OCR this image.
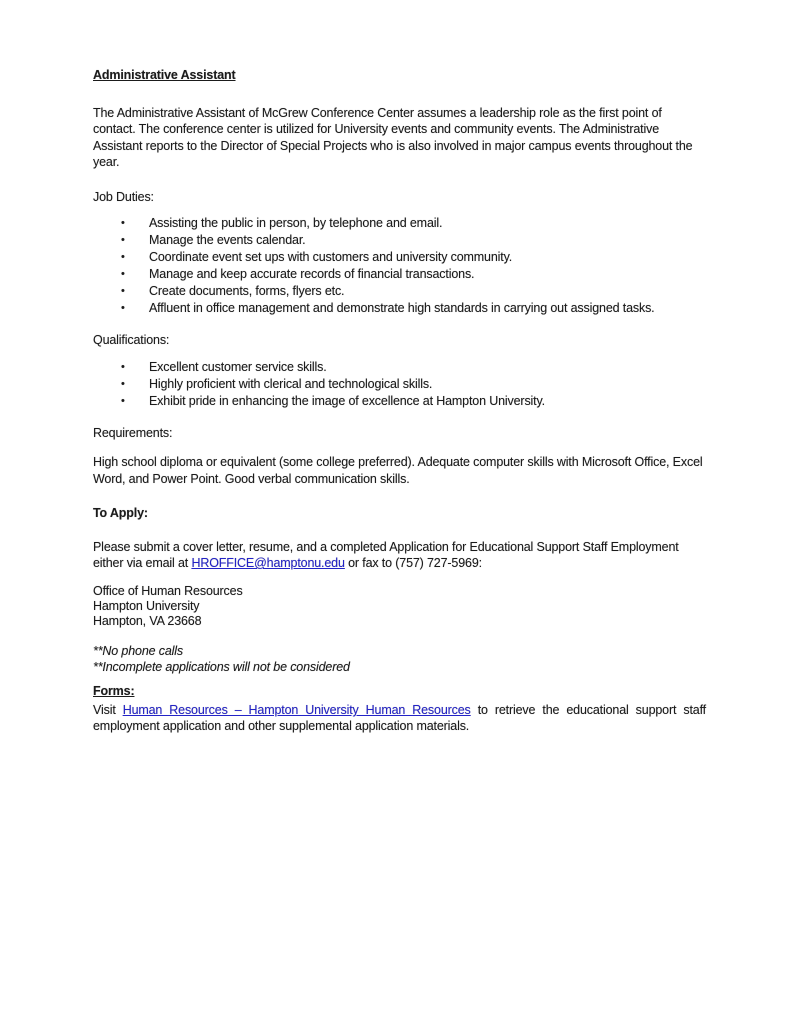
Administrative Assistant

The Administrative Assistant of McGrew Conference Center assumes a leadership role as the first point of contact. The conference center is utilized for University events and community events. The Administrative Assistant reports to the Director of Special Projects who is also involved in major campus events throughout the year.

Job Duties:

•	Assisting the public in person, by telephone and email.
•	Manage the events calendar.
•	Coordinate event set ups with customers and university community.
•	Manage and keep accurate records of financial transactions.
•	Create documents, forms, flyers etc.
•	Affluent in office management and demonstrate high standards in carrying out assigned tasks.

Qualifications:

•	Excellent customer service skills.
•	Highly proficient with clerical and technological skills.
•	Exhibit pride in enhancing the image of excellence at Hampton University.

Requirements:

High school diploma or equivalent (some college preferred). Adequate computer skills with Microsoft Office, Excel Word, and Power Point. Good verbal communication skills.

To Apply:

Please submit a cover letter, resume, and a completed Application for Educational Support Staff Employment either via email at HROFFICE@hamptonu.edu or fax to (757) 727-5969:

Office of Human Resources

Hampton University

Hampton, VA 23668

**No phone calls

**Incomplete applications will not be considered

Forms:

Visit Human Resources – Hampton University Human Resources to retrieve the educational support staff employment application and other supplemental application materials.
